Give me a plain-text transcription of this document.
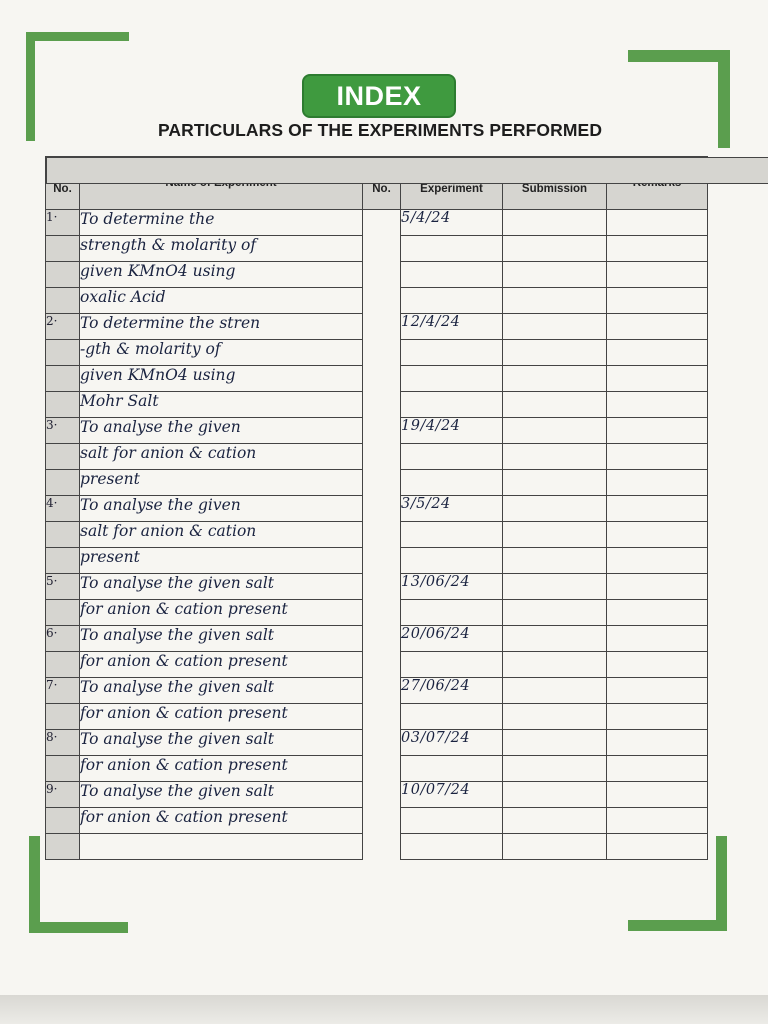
INDEX
PARTICULARS OF THE EXPERIMENTS PERFORMED

No.		No.	Experiment	Submission	
1·	To determine the	5/4/24		
	strength & molarity of	

	given KMnO4 using	

	oxalic Acid	

2·	To determine the stren	12/4/24		
	-gth & molarity of	

	given KMnO4 using	

	Mohr Salt	

3·	To analyse the given	19/4/24		
	salt for anion & cation	

	present	

4·	To analyse the given	3/5/24		
	salt for anion & cation	

	present	

5·	To analyse the given salt	13/06/24		
	for anion & cation present	

6·	To analyse the given salt	20/06/24		
	for anion & cation present	

7·	To analyse the given salt	27/06/24		
	for anion & cation present	

8·	To analyse the given salt	03/07/24		
	for anion & cation present	

9·	To analyse the given salt	10/07/24		
	for anion & cation present	
